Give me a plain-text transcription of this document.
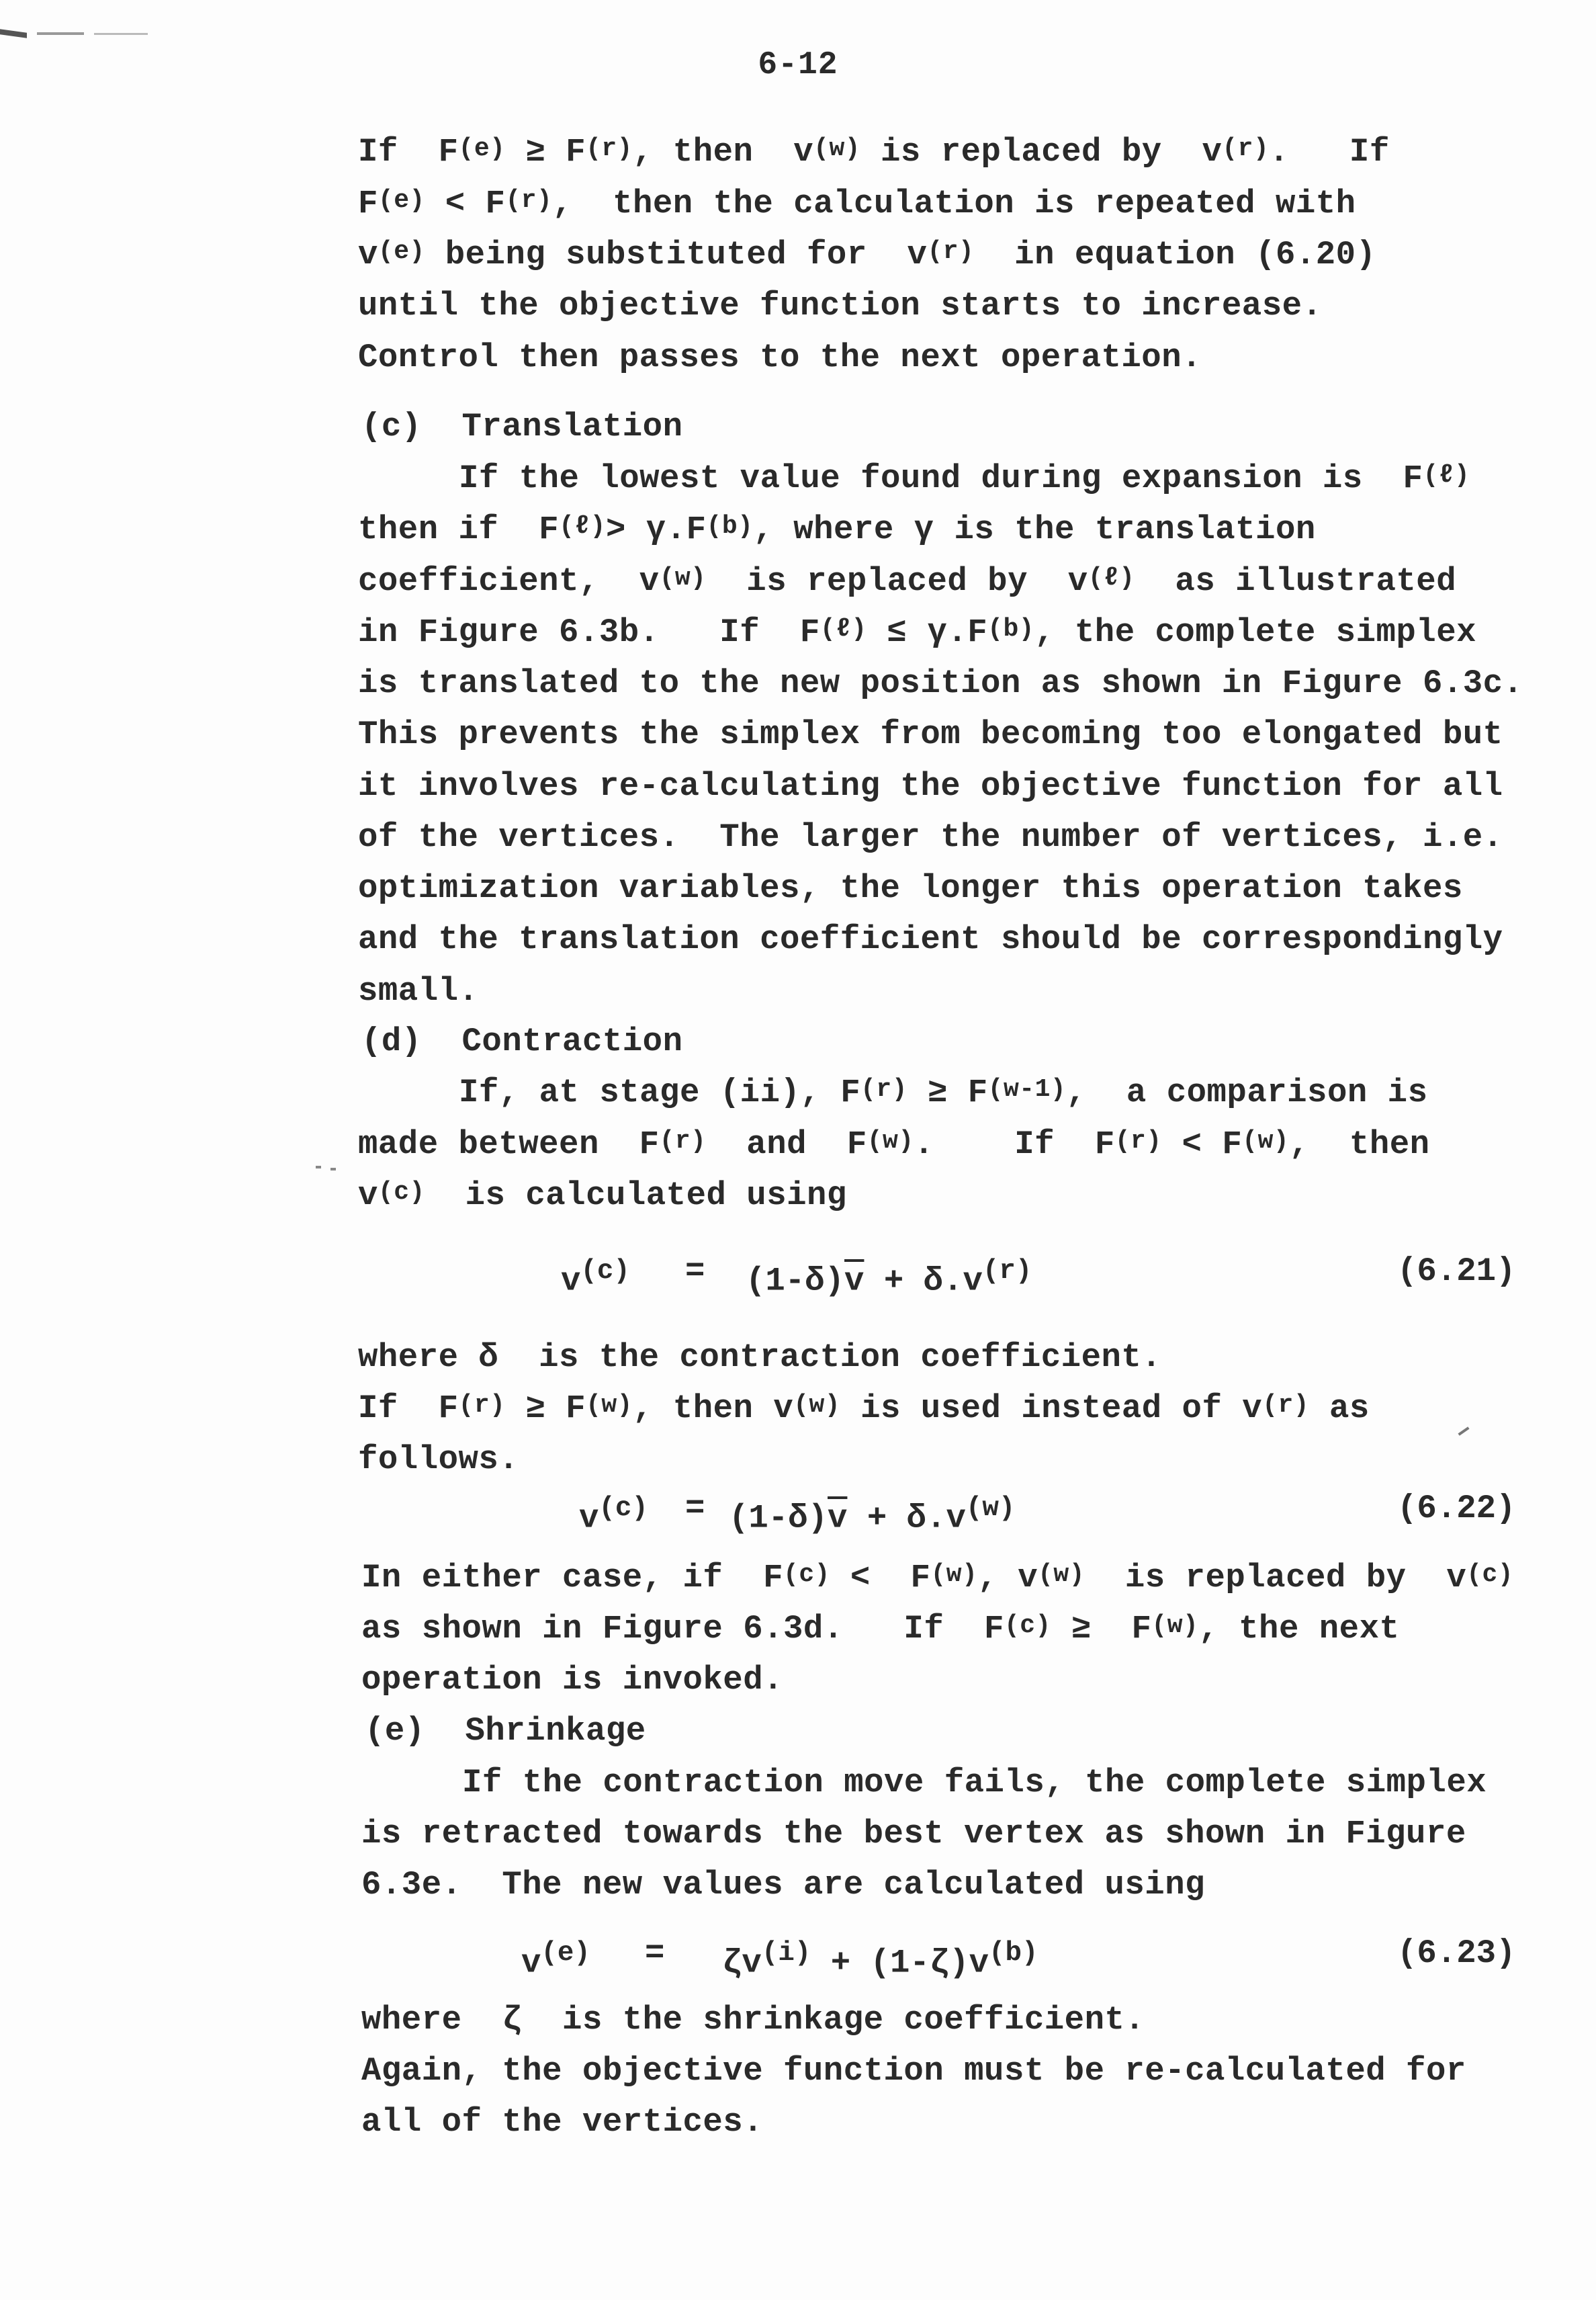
6-12
If  $F^{(e)} \ge F^{(r)}$, then  $v^{(w)}$ is replaced by  $v^{(r)}$.   If
$F^{(e)} < F^{(r)}$,  then the calculation is repeated with
$v^{(e)}$ being substituted for  $v^{(r)}$  in equation (6.20)
until the objective function starts to increase.
Control then passes to the next operation.
(c)  Translation
If the lowest value found during expansion is  $F^{(\ell)}$
then if  $F^{(\ell)}> \gamma.F^{(b)}$, where γ is the translation
coefficient,  $v^{(w)}$  is replaced by  $v^{(\ell)}$  as illustrated
in Figure 6.3b.   If  $F^{(\ell)} \le \gamma.F^{(b)}$, the complete simplex
is translated to the new position as shown in Figure 6.3c.
This prevents the simplex from becoming too elongated but
it involves re-calculating the objective function for all
of the vertices.  The larger the number of vertices, i.e.
optimization variables, the longer this operation takes
and the translation coefficient should be correspondingly
small.
(d)  Contraction
If, at stage (ii), $F^{(r)} \ge F^{(w-1)}$,  a comparison is
made between  $F^{(r)}$  and  $F^{(w)}$.    If  $F^{(r)} < F^{(w)}$,  then
$v^{(c)}$  is calculated using
where δ  is the contraction coefficient.
If  $F^{(r)} \ge F^{(w)}$, then $v^{(w)}$ is used instead of $v^{(r)}$ as
follows.
In either case, if  $F^{(c)} < F^{(w)}$, $v^{(w)}$  is replaced by  $v^{(c)}$
as shown in Figure 6.3d.   If  $F^{(c)} \ge F^{(w)}$, the next
operation is invoked.
(e)  Shrinkage
If the contraction move fails, the complete simplex
is retracted towards the best vertex as shown in Figure
6.3e.  The new values are calculated using
where  ζ  is the shrinkage coefficient.
Again, the objective function must be re-calculated for
all of the vertices.
$v^{(c)} = (1-\delta)\overline{v} + \delta.v^{(r)}$	(6.21)
$v^{(c)} = (1-\delta)\overline{v} + \delta.v^{(w)}$	(6.22)
$v^{(e)} = \zeta v^{(i)} + (1-\zeta)v^{(b)}$	(6.23)
